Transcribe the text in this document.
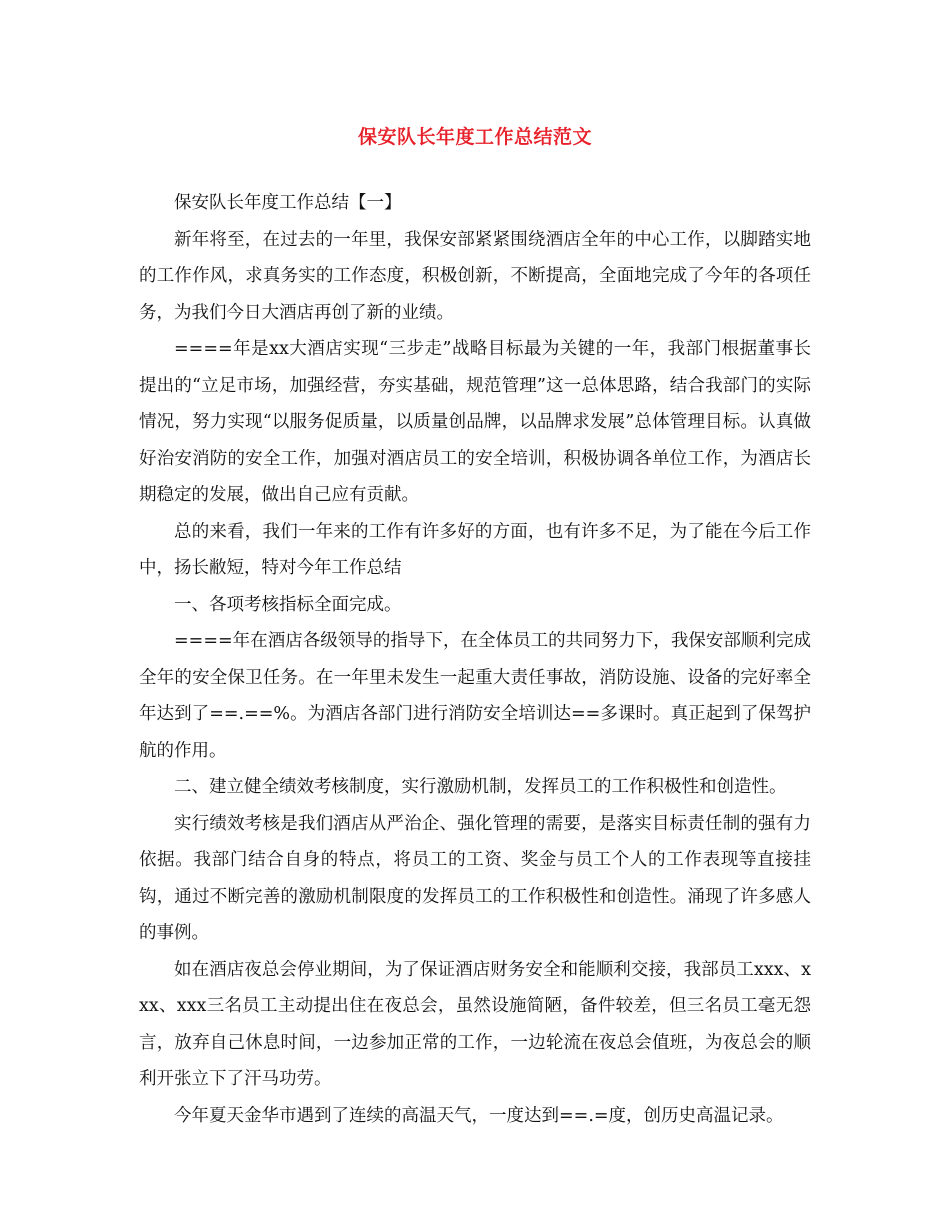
保安队长年度工作总结范文

保安队长年度工作总结【一】

新年将至，在过去的一年里，我保安部紧紧围绕酒店全年的中心工作，以脚踏实地的工作作风，求真务实的工作态度，积极创新，不断提高，全面地完成了今年的各项任务，为我们今日大酒店再创了新的业绩。

====年是xx大酒店实现“三步走”战略目标最为关键的一年，我部门根据董事长提出的“立足市场，加强经营，夯实基础，规范管理”这一总体思路，结合我部门的实际情况，努力实现“以服务促质量，以质量创品牌，以品牌求发展”总体管理目标。认真做好治安消防的安全工作，加强对酒店员工的安全培训，积极协调各单位工作，为酒店长期稳定的发展，做出自己应有贡献。

总的来看，我们一年来的工作有许多好的方面，也有许多不足，为了能在今后工作中，扬长敝短，特对今年工作总结

一、各项考核指标全面完成。

====年在酒店各级领导的指导下，在全体员工的共同努力下，我保安部顺利完成全年的安全保卫任务。在一年里未发生一起重大责任事故，消防设施、设备的完好率全年达到了==.==%。为酒店各部门进行消防安全培训达==多课时。真正起到了保驾护航的作用。

二、建立健全绩效考核制度，实行激励机制，发挥员工的工作积极性和创造性。

实行绩效考核是我们酒店从严治企、强化管理的需要，是落实目标责任制的强有力依据。我部门结合自身的特点，将员工的工资、奖金与员工个人的工作表现等直接挂钩，通过不断完善的激励机制限度的发挥员工的工作积极性和创造性。涌现了许多感人的事例。

如在酒店夜总会停业期间，为了保证酒店财务安全和能顺利交接，我部员工xxx、xxx、xxx三名员工主动提出住在夜总会，虽然设施简陋，备件较差，但三名员工毫无怨言，放弃自己休息时间，一边参加正常的工作，一边轮流在夜总会值班，为夜总会的顺利开张立下了汗马功劳。

今年夏天金华市遇到了连续的高温天气，一度达到==.=度，创历史高温记录。
